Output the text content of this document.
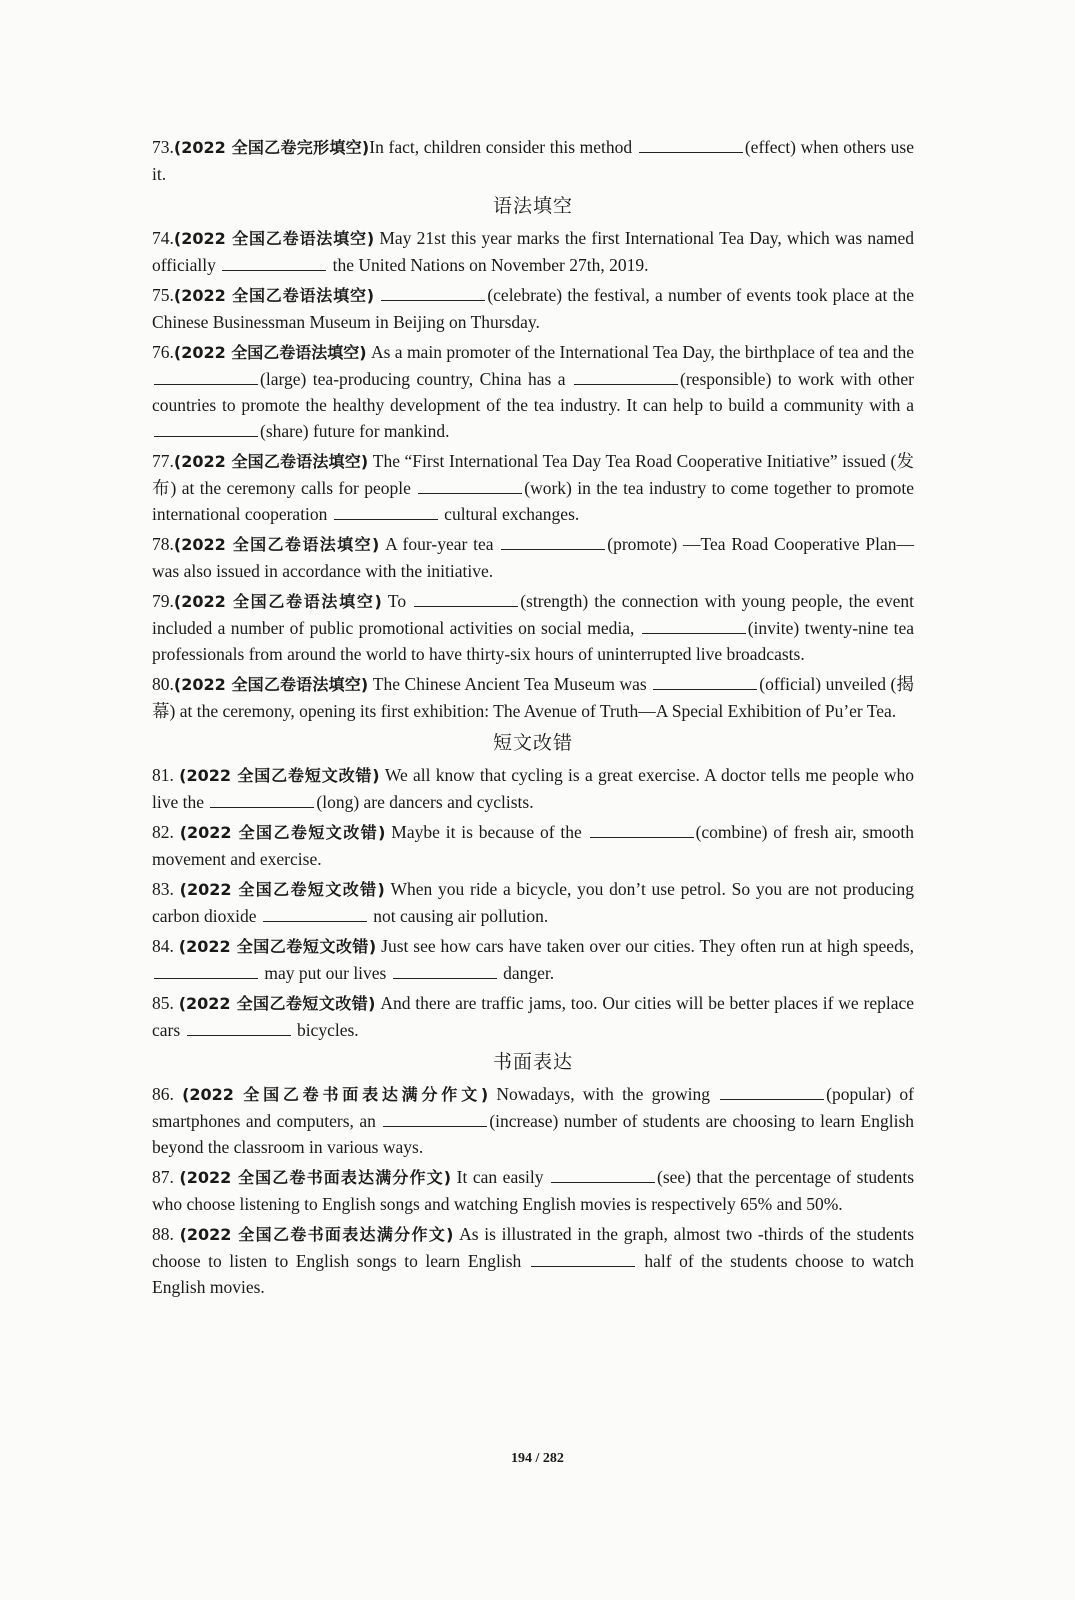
73.(2022 全国乙卷完形填空)In fact, children consider this method	(effect) when others use it.

语法填空

74.(2022 全国乙卷语法填空) May 21st this year marks the first International Tea Day, which was named officially	the United Nations on November 27th, 2019.

75.(2022 全国乙卷语法填空)	(celebrate) the festival, a number of events took place at the Chinese Businessman Museum in Beijing on Thursday.

76.(2022 全国乙卷语法填空) As a main promoter of the International Tea Day, the birthplace of tea and the (large) tea-producing country, China has a	(responsible) to work with other countries to promote the healthy development of the tea industry. It can help to build a community with a (share) future for mankind.

77.(2022 全国乙卷语法填空) The “First International Tea Day Tea Road Cooperative Initiative” issued (发布) at the ceremony calls for people	(work) in the tea industry to come together to promote international cooperation	cultural exchanges.

78.(2022 全国乙卷语法填空) A four-year tea	(promote) —Tea Road Cooperative Plan—was also issued in accordance with the initiative.

79.(2022 全国乙卷语法填空) To	(strength) the connection with young people, the event included a number of public promotional activities on social media,	(invite) twenty-nine tea professionals from around the world to have thirty-six hours of uninterrupted live broadcasts.

80.(2022 全国乙卷语法填空) The Chinese Ancient Tea Museum was	(official) unveiled (揭幕) at the ceremony, opening its first exhibition: The Avenue of Truth—A Special Exhibition of Pu’er Tea.

短文改错

81. (2022 全国乙卷短文改错) We all know that cycling is a great exercise. A doctor tells me people who live the	(long) are dancers and cyclists.

82. (2022 全国乙卷短文改错) Maybe it is because of the	(combine) of fresh air, smooth movement and exercise.

83. (2022 全国乙卷短文改错) When you ride a bicycle, you don’t use petrol. So you are not producing carbon dioxide	not causing air pollution.

84. (2022 全国乙卷短文改错) Just see how cars have taken over our cities. They often run at high speeds,  may put our lives	danger.

85. (2022 全国乙卷短文改错) And there are traffic jams, too. Our cities will be better places if we replace cars	bicycles.

书面表达

86. (2022 全国乙卷书面表达满分作文) Nowadays, with the growing	(popular) of smartphones and computers, an	(increase) number of students are choosing to learn English beyond the classroom in various ways.

87. (2022 全国乙卷书面表达满分作文) It can easily	(see) that the percentage of students who choose listening to English songs and watching English movies is respectively 65% and 50%.

88. (2022 全国乙卷书面表达满分作文) As is illustrated in the graph, almost two -thirds of the students choose to listen to English songs to learn English	half of the students choose to watch English movies.

194 / 282
